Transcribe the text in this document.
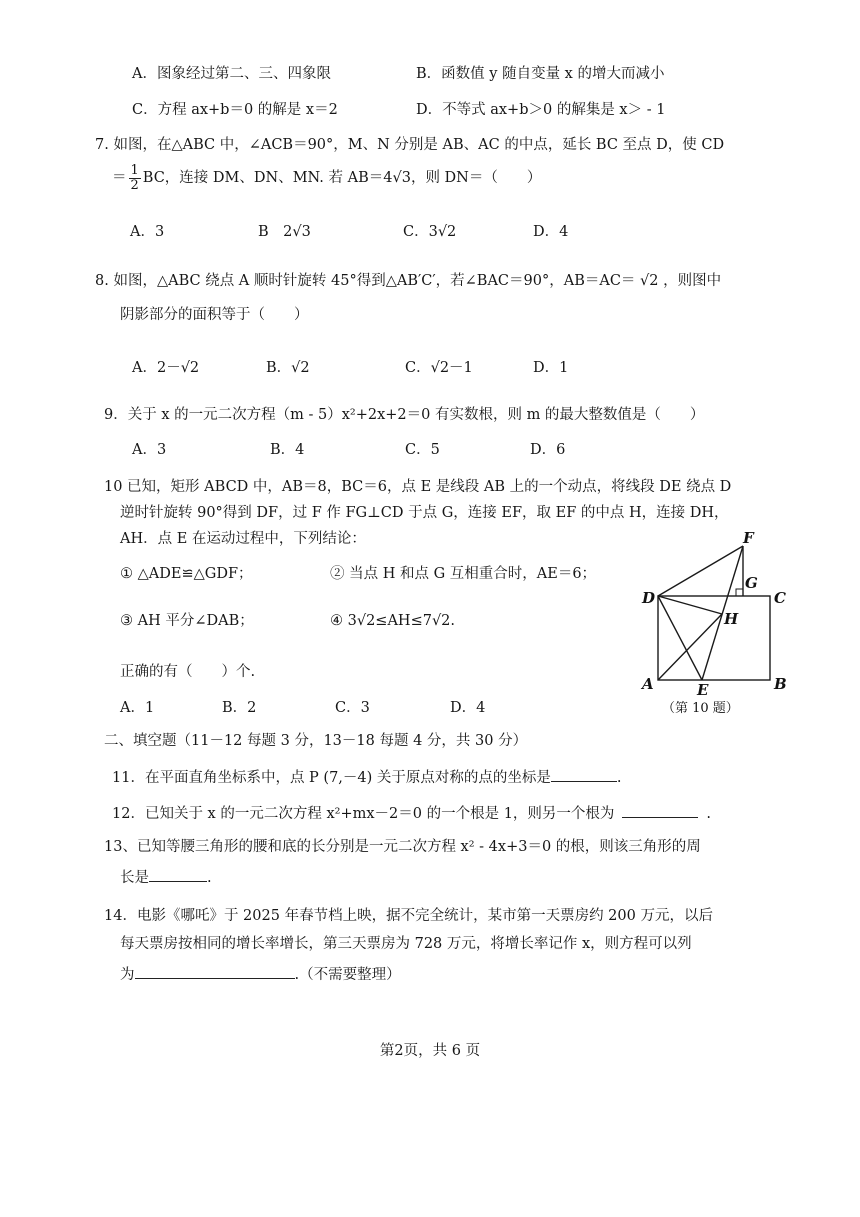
A．图象经过第二、三、四象限	B．函数值 y 随自变量 x 的增大而减小
C．方程 ax+b＝0 的解是 x＝2	D．不等式 ax+b＞0 的解集是 x＞ - 1
7. 如图，在△ABC 中，∠ACB＝90°，M、N 分别是 AB、AC 的中点，延长 BC 至点 D，使 CD
＝ $\frac{1}{2}$ BC，连接 DM、DN、MN. 若 AB＝4√3，则 DN＝（　　）
A．3	B　2√3	C．3√2	D．4
8. 如图，△ABC 绕点 A 顺时针旋转 45°得到△AB′C′，若∠BAC＝90°，AB＝AC＝ √2 ，则图中
阴影部分的面积等于（　　）
A．2－√2	B．√2	C．√2－1	D．1
9．关于 x 的一元二次方程（m - 5）x²+2x+2＝0 有实数根，则 m 的最大整数值是（　　）
A．3	B．4	C．5	D．6
10 已知，矩形 ABCD 中，AB＝8，BC＝6，点 E 是线段 AB 上的一个动点，将线段 DE 绕点 D
逆时针旋转 90°得到 DF，过 F 作 FG⊥CD 于点 G，连接 EF，取 EF 的中点 H，连接 DH，
AH．点 E 在运动过程中，下列结论：
① △ADE≌△GDF；	② 当点 H 和点 G 互相重合时，AE＝6；
③ AH 平分∠DAB；	④ 3√2≤AH≤7√2.
正确的有（　　）个.
A．1	B．2	C．3	D．4
F
G
D	C
H
A	E	B
（第 10 题）
二、填空题（11－12 每题 3 分，13－18 每题 4 分，共 30 分）
11．在平面直角坐标系中，点 P (7,－4) 关于原点对称的点的坐标是	.
12．已知关于 x 的一元二次方程 x²+mx－2＝0 的一个根是 1，则另一个根为	.
13、已知等腰三角形的腰和底的长分别是一元二次方程 x² - 4x+3＝0 的根，则该三角形的周
长是	.
14．电影《哪吒》于 2025 年春节档上映，据不完全统计，某市第一天票房约 200 万元，以后
每天票房按相同的增长率增长，第三天票房为 728 万元，将增长率记作 x，则方程可以列
为	.（不需要整理）
第2页，共 6 页
